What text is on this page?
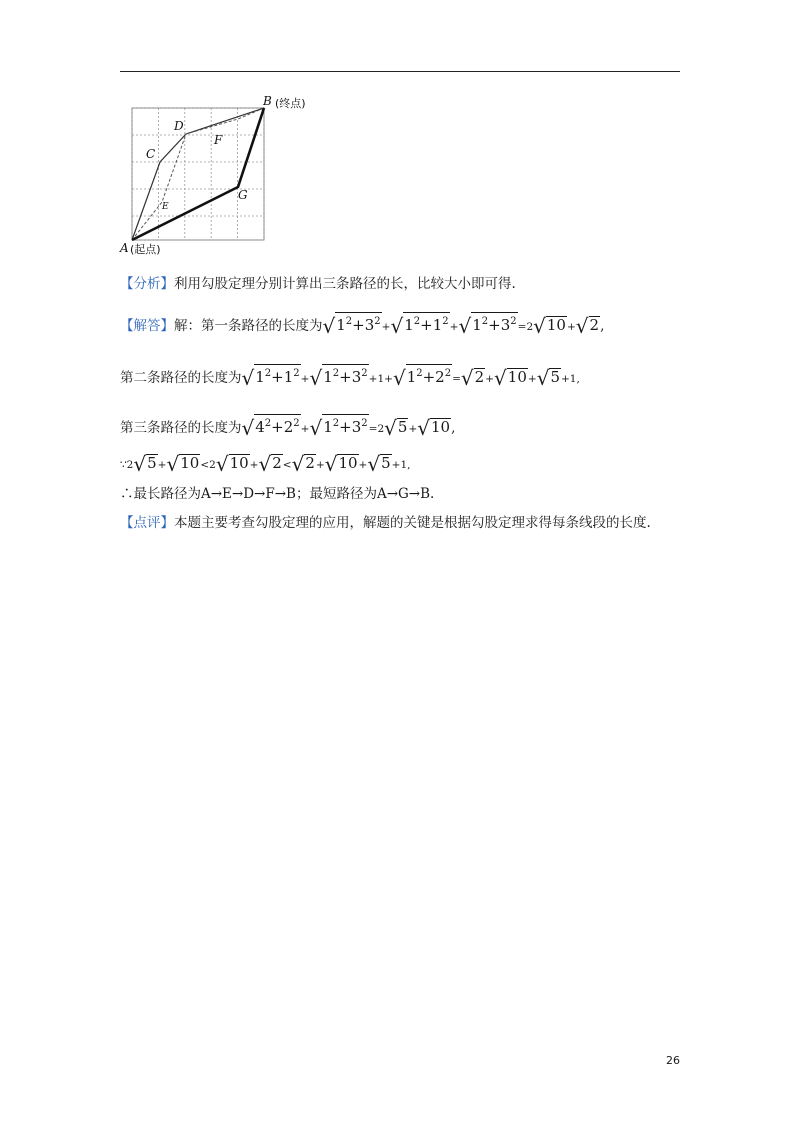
A
B
C
D
E
F
G
(起点)
(终点)
【分析】利用勾股定理分别计算出三条路径的长，比较大小即可得.
【解答】解：第一条路径的长度为$√1^2+3^2+√1^2+1^2+√1^2+3^2=2√10+√2$,
第二条路径的长度为$√1^2+1^2+√1^2+3^2+1+√1^2+2^2=√2+√10+√5+1$,
第三条路径的长度为$√4^2+2^2+√1^2+3^2=2√5+√10$,
∵2√5+√10<2√10+√2<√2+√10+√5+1,
∴最长路径为A→E→D→F→B；最短路径为A→G→B.
【点评】本题主要考查勾股定理的应用，解题的关键是根据勾股定理求得每条线段的长度.
26
